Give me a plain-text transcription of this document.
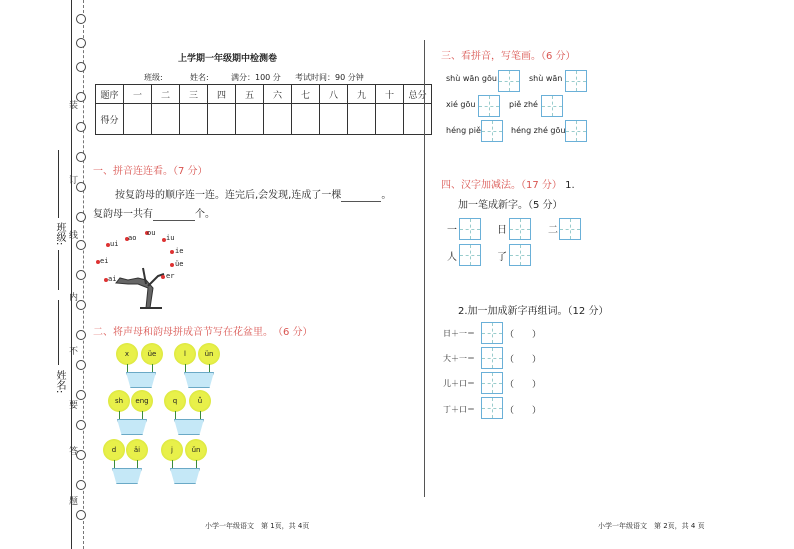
装
订
线
内
不
要
答
题
班级:
姓名:
上学期一年级期中检测卷
班级:	姓名:	满分：100 分 考试时间：90 分钟
题序	一	二	三	四	五	六	七	八	九	十	总分
得分											
一、拼音连连看。（7 分）
按复韵母的顺序连一连。连完后,会发现,连成了一棵	。
复韵母一共有	个。
ou
ao
ui
iu
ie
ei	üe
ai	er
二、将声母和韵母拼成音节写在花盆里。　（6 分）
x	üe	l	ün
sh	eng	q	ǚ
d	ǎi	j	ǔn
小学一年级语文　第 1页，共 4页
三、看拼音，写笔画。（6 分）
shù wān gōu	shù wān
xié gōu	piě zhé
héng piě	héng zhé gōu
四、汉字加减法。（17 分） 1.
加一笔成新字。（5 分）
一	日	二
人	了
2.加一加成新字再组词。（12 分）
日＋一＝	（　　）
大＋一＝	（　　）
儿＋口＝	（　　）
丁＋口＝	（　　）
小学一年级语文　第 2页，共 4 页
